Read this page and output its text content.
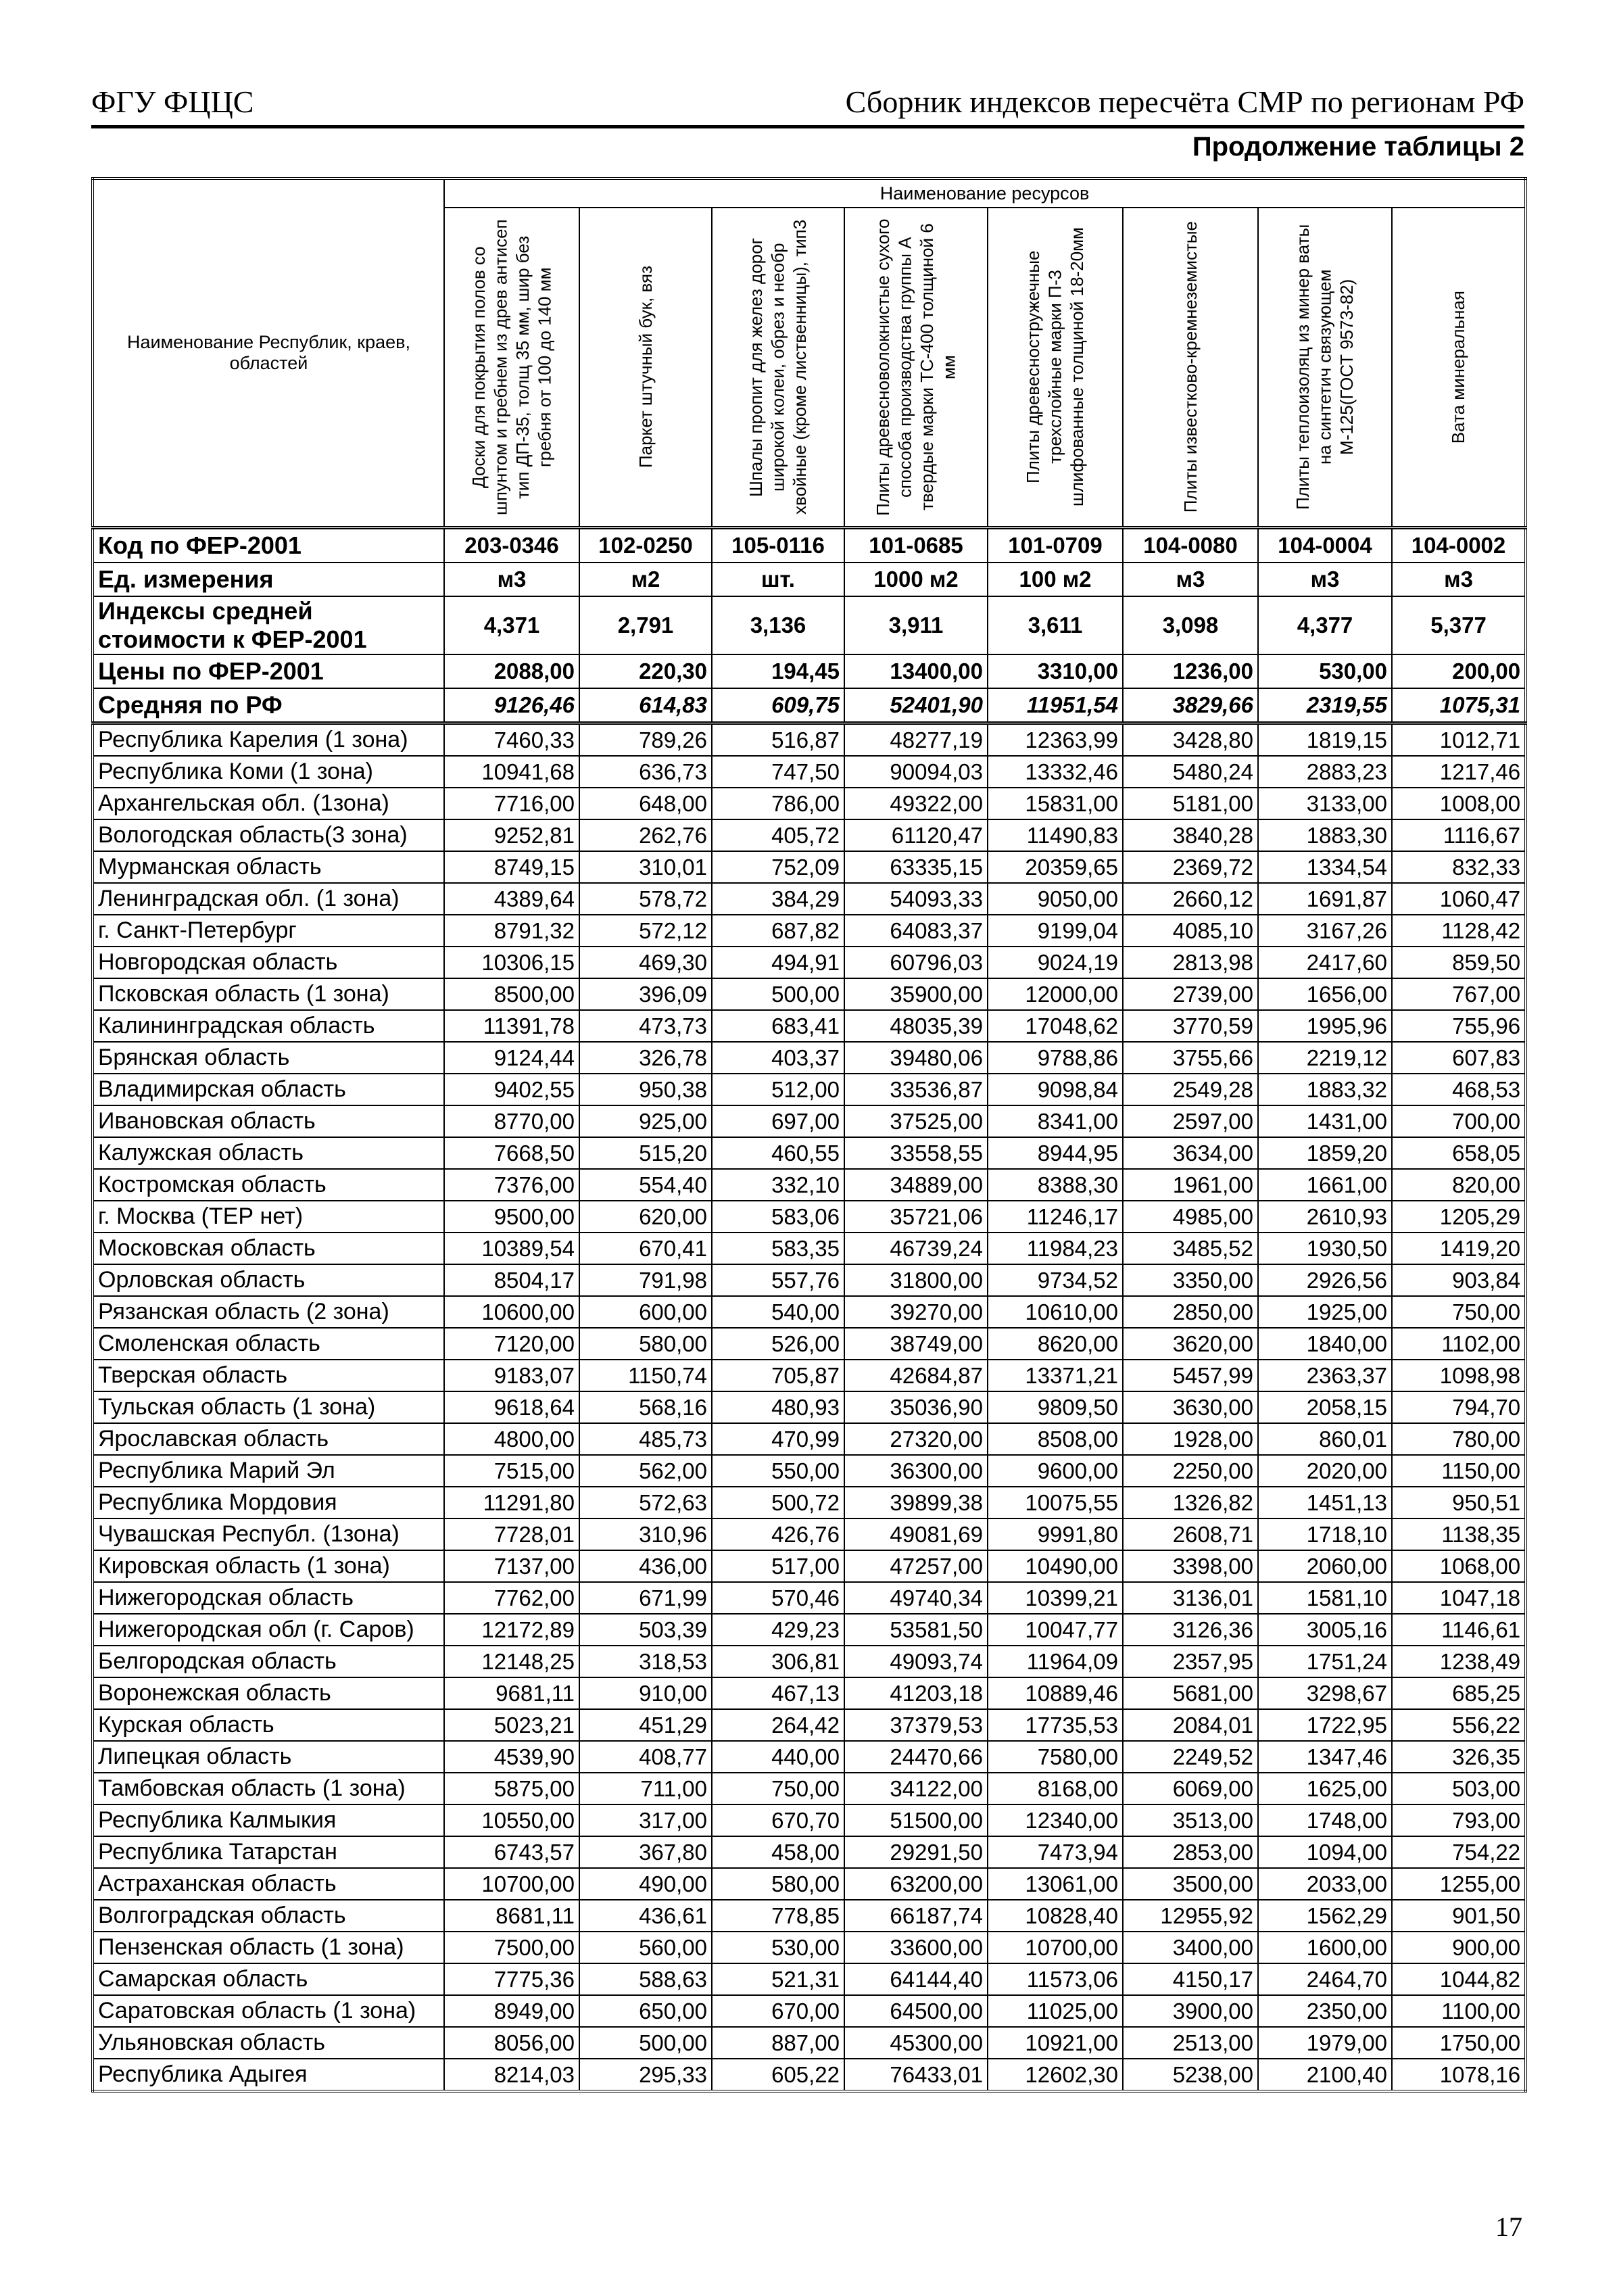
ФГУ ФЦЦС	Сборник индексов пересчёта СМР по регионам РФ
Продолжение таблицы 2
Наименование Республик, краев, областей	Наименование ресурсов							

	Доски для покрытия полов со шпунтом и гребнем из древ антисеп тип ДП-35, толщ 35 мм, шир без гребня от 100 до 140 мм	Паркет штучный бук, вяз	Шпалы пропит для желез дорог широкой колеи, обрез и необр хвойные (кроме лиственницы), тип3	Плиты древесноволокнистые сухого способа производства группы А твердые марки ТС-400 толщиной 6 мм	Плиты древесностружечные трехслойные марки П-3 шлифованные толщиной 18-20мм	Плиты известково-кремнеземистые	Плиты теплоизоляц из минер ваты на синтетич связующем М-125(ГОСТ 9573-82)	Вата минеральная

Код по ФЕР-2001	203-0346	102-0250	105-0116	101-0685	101-0709	104-0080	104-0004	104-0002
Ед. измерения	м3	м2	шт.	1000 м2	100 м2	м3	м3	м3
Индексы средней стоимости к ФЕР-2001	4,371	2,791	3,136	3,911	3,611	3,098	4,377	5,377
Цены по ФЕР-2001	2088,00	220,30	194,45	13400,00	3310,00	1236,00	530,00	200,00
Средняя по РФ	9126,46	614,83	609,75	52401,90	11951,54	3829,66	2319,55	1075,31
Республика Карелия (1 зона)	7460,33	789,26	516,87	48277,19	12363,99	3428,80	1819,15	1012,71
Республика Коми (1 зона)	10941,68	636,73	747,50	90094,03	13332,46	5480,24	2883,23	1217,46
Архангельская обл. (1зона)	7716,00	648,00	786,00	49322,00	15831,00	5181,00	3133,00	1008,00
Вологодская область(3 зона)	9252,81	262,76	405,72	61120,47	11490,83	3840,28	1883,30	1116,67
Мурманская область	8749,15	310,01	752,09	63335,15	20359,65	2369,72	1334,54	832,33
Ленинградская обл. (1 зона)	4389,64	578,72	384,29	54093,33	9050,00	2660,12	1691,87	1060,47
г. Санкт-Петербург	8791,32	572,12	687,82	64083,37	9199,04	4085,10	3167,26	1128,42
Новгородская область	10306,15	469,30	494,91	60796,03	9024,19	2813,98	2417,60	859,50
Псковская область (1 зона)	8500,00	396,09	500,00	35900,00	12000,00	2739,00	1656,00	767,00
Калининградская область	11391,78	473,73	683,41	48035,39	17048,62	3770,59	1995,96	755,96
Брянская область	9124,44	326,78	403,37	39480,06	9788,86	3755,66	2219,12	607,83
Владимирская область	9402,55	950,38	512,00	33536,87	9098,84	2549,28	1883,32	468,53
Ивановская область	8770,00	925,00	697,00	37525,00	8341,00	2597,00	1431,00	700,00
Калужская область	7668,50	515,20	460,55	33558,55	8944,95	3634,00	1859,20	658,05
Костромская область	7376,00	554,40	332,10	34889,00	8388,30	1961,00	1661,00	820,00
г. Москва (ТЕР нет)	9500,00	620,00	583,06	35721,06	11246,17	4985,00	2610,93	1205,29
Московская область	10389,54	670,41	583,35	46739,24	11984,23	3485,52	1930,50	1419,20
Орловская область	8504,17	791,98	557,76	31800,00	9734,52	3350,00	2926,56	903,84
Рязанская область (2 зона)	10600,00	600,00	540,00	39270,00	10610,00	2850,00	1925,00	750,00
Смоленская область	7120,00	580,00	526,00	38749,00	8620,00	3620,00	1840,00	1102,00
Тверская область	9183,07	1150,74	705,87	42684,87	13371,21	5457,99	2363,37	1098,98
Тульская область (1 зона)	9618,64	568,16	480,93	35036,90	9809,50	3630,00	2058,15	794,70
Ярославская область	4800,00	485,73	470,99	27320,00	8508,00	1928,00	860,01	780,00
Республика Марий Эл	7515,00	562,00	550,00	36300,00	9600,00	2250,00	2020,00	1150,00
Республика Мордовия	11291,80	572,63	500,72	39899,38	10075,55	1326,82	1451,13	950,51
Чувашская Республ. (1зона)	7728,01	310,96	426,76	49081,69	9991,80	2608,71	1718,10	1138,35
Кировская область (1 зона)	7137,00	436,00	517,00	47257,00	10490,00	3398,00	2060,00	1068,00
Нижегородская область	7762,00	671,99	570,46	49740,34	10399,21	3136,01	1581,10	1047,18
Нижегородская обл (г. Саров)	12172,89	503,39	429,23	53581,50	10047,77	3126,36	3005,16	1146,61
Белгородская область	12148,25	318,53	306,81	49093,74	11964,09	2357,95	1751,24	1238,49
Воронежская область	9681,11	910,00	467,13	41203,18	10889,46	5681,00	3298,67	685,25
Курская область	5023,21	451,29	264,42	37379,53	17735,53	2084,01	1722,95	556,22
Липецкая область	4539,90	408,77	440,00	24470,66	7580,00	2249,52	1347,46	326,35
Тамбовская область (1 зона)	5875,00	711,00	750,00	34122,00	8168,00	6069,00	1625,00	503,00
Республика Калмыкия	10550,00	317,00	670,70	51500,00	12340,00	3513,00	1748,00	793,00
Республика Татарстан	6743,57	367,80	458,00	29291,50	7473,94	2853,00	1094,00	754,22
Астраханская область	10700,00	490,00	580,00	63200,00	13061,00	3500,00	2033,00	1255,00
Волгоградская область	8681,11	436,61	778,85	66187,74	10828,40	12955,92	1562,29	901,50
Пензенская область (1 зона)	7500,00	560,00	530,00	33600,00	10700,00	3400,00	1600,00	900,00
Самарская область	7775,36	588,63	521,31	64144,40	11573,06	4150,17	2464,70	1044,82
Саратовская область (1 зона)	8949,00	650,00	670,00	64500,00	11025,00	3900,00	2350,00	1100,00
Ульяновская область	8056,00	500,00	887,00	45300,00	10921,00	2513,00	1979,00	1750,00
Республика Адыгея	8214,03	295,33	605,22	76433,01	12602,30	5238,00	2100,40	1078,16
17
